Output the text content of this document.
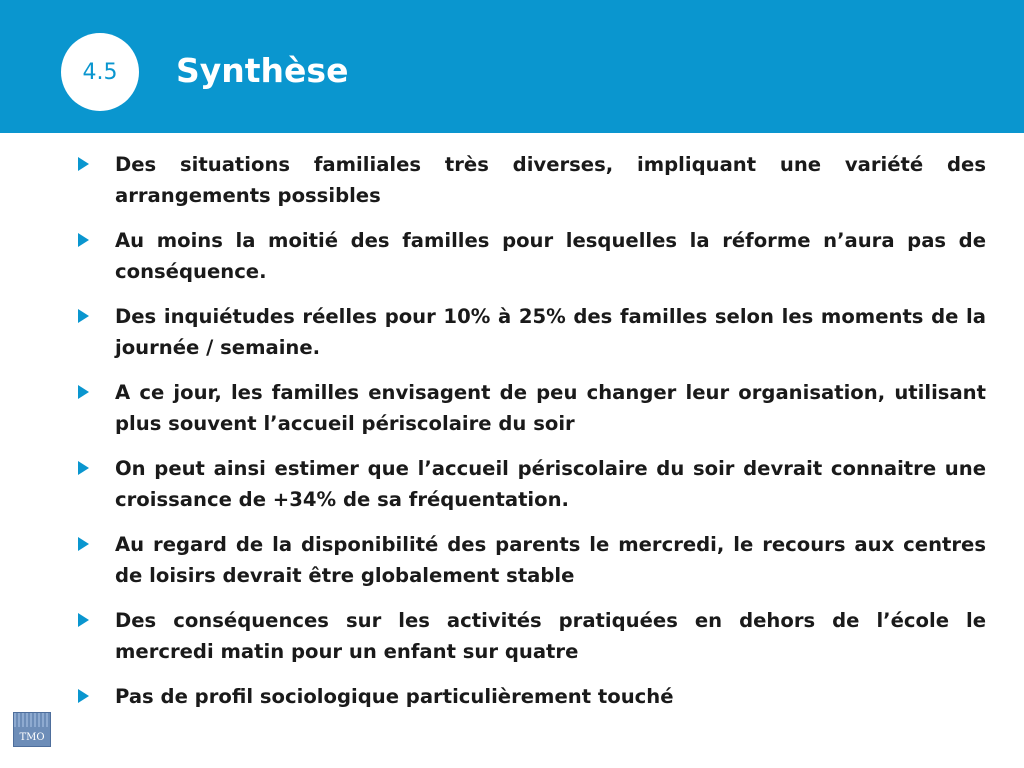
4.5 Synthèse
Des situations familiales très diverses, impliquant une variété des arrangements possibles
Au moins la moitié des familles pour lesquelles la réforme n’aura pas de conséquence.
Des inquiétudes réelles pour 10% à 25% des familles selon les moments de la journée / semaine.
A ce jour, les familles envisagent de peu changer leur organisation, utilisant plus souvent l’accueil périscolaire du soir
On peut ainsi estimer que l’accueil périscolaire du soir devrait connaitre une croissance de +34% de sa fréquentation.
Au regard de la disponibilité des parents le mercredi, le recours aux centres de loisirs devrait être globalement stable
Des conséquences sur les activités pratiquées en dehors de l’école le mercredi matin pour un enfant sur quatre
Pas de profil sociologique particulièrement touché
TMO
